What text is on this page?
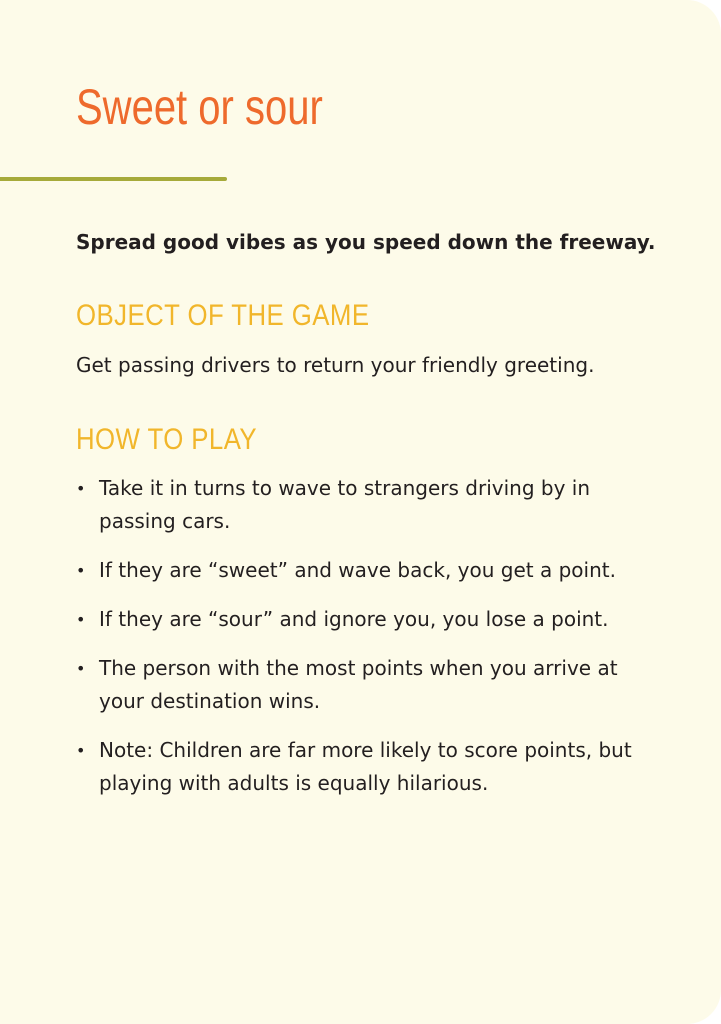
Sweet or sour

Spread good vibes as you speed down the freeway.

OBJECT OF THE GAME

Get passing drivers to return your friendly greeting.

HOW TO PLAY
• Take it in turns to wave to strangers driving by in passing cars.
• If they are “sweet” and wave back, you get a point.
• If they are “sour” and ignore you, you lose a point.
• The person with the most points when you arrive at your destination wins.
• Note: Children are far more likely to score points, but playing with adults is equally hilarious.
